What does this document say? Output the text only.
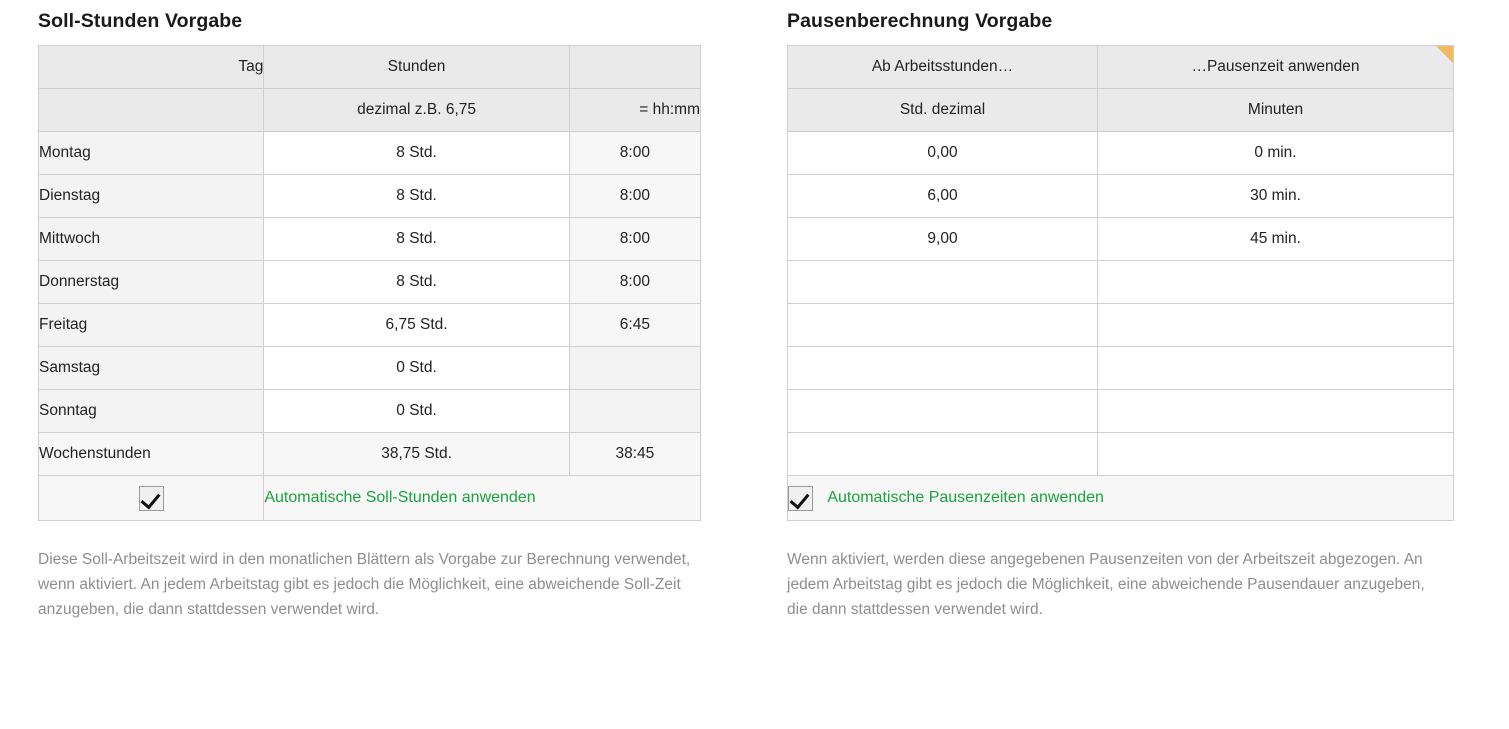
Soll-Stunden Vorgabe
Tag	Stunden	
	dezimal z.B. 6,75	= hh:mm
Montag	8 Std.	8:00
Dienstag	8 Std.	8:00
Mittwoch	8 Std.	8:00
Donnerstag	8 Std.	8:00
Freitag	6,75 Std.	6:45
Samstag	0 Std.	
Sonntag	0 Std.	
Wochenstunden	38,75 Std.	38:45
	Automatische Soll-Stunden anwenden	
Diese Soll-Arbeitszeit wird in den monatlichen Blättern als Vorgabe zur Berechnung verwendet, wenn aktiviert. An jedem Arbeitstag gibt es jedoch die Möglichkeit, eine abweichende Soll-Zeit anzugeben, die dann stattdessen verwendet wird.
Pausenberechnung Vorgabe
Ab Arbeitsstunden…	…Pausenzeit anwenden

Std. dezimal	Minuten
0,00	0 min.
6,00	30 min.
9,00	45 min.

Automatische Pausenzeiten anwenden	
Wenn aktiviert, werden diese angegebenen Pausenzeiten von der Arbeitszeit abgezogen. An jedem Arbeitstag gibt es jedoch die Möglichkeit, eine abweichende Pausendauer anzugeben, die dann stattdessen verwendet wird.
